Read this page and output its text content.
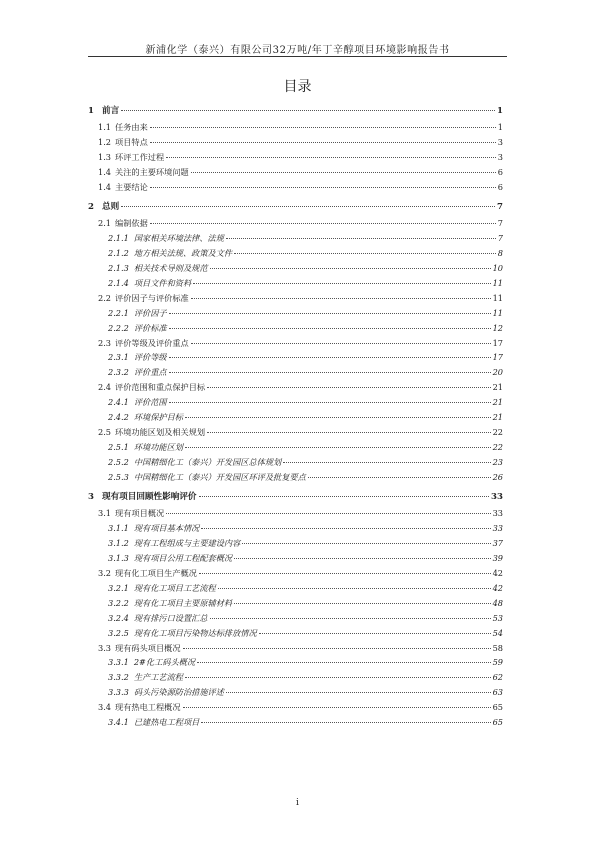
新浦化学（泰兴）有限公司32万吨/年丁辛醇项目环境影响报告书
目录
1 前言	1
1.1 任务由来	1
1.2 项目特点	3
1.3 环评工作过程	3
1.4 关注的主要环境问题	6
1.4 主要结论	6
2 总则	7
2.1 编制依据	7
2.1.1 国家相关环境法律、法规	7
2.1.2 地方相关法规、政策及文件	8
2.1.3 相关技术导则及规范	10
2.1.4 项目文件和资料	11
2.2 评价因子与评价标准	11
2.2.1 评价因子	11
2.2.2 评价标准	12
2.3 评价等级及评价重点	17
2.3.1 评价等级	17
2.3.2 评价重点	20
2.4 评价范围和重点保护目标	21
2.4.1 评价范围	21
2.4.2 环境保护目标	21
2.5 环境功能区划及相关规划	22
2.5.1 环境功能区划	22
2.5.2 中国精细化工（泰兴）开发园区总体规划	23
2.5.3 中国精细化工（泰兴）开发园区环评及批复要点	26
3 现有项目回顾性影响评价	33
3.1 现有项目概况	33
3.1.1 现有项目基本情况	33
3.1.2 现有工程组成与主要建设内容	37
3.1.3 现有项目公用工程配套概况	39
3.2 现有化工项目生产概况	42
3.2.1 现有化工项目工艺流程	42
3.2.2 现有化工项目主要原辅材料	48
3.2.4 现有排污口设置汇总	53
3.2.5 现有化工项目污染物达标排放情况	54
3.3 现有码头项目概况	58
3.3.1 2#化工码头概况	59
3.3.2 生产工艺流程	62
3.3.3 码头污染源防治措施评述	63
3.4 现有热电工程概况	65
3.4.1 已建热电工程项目	65
i
